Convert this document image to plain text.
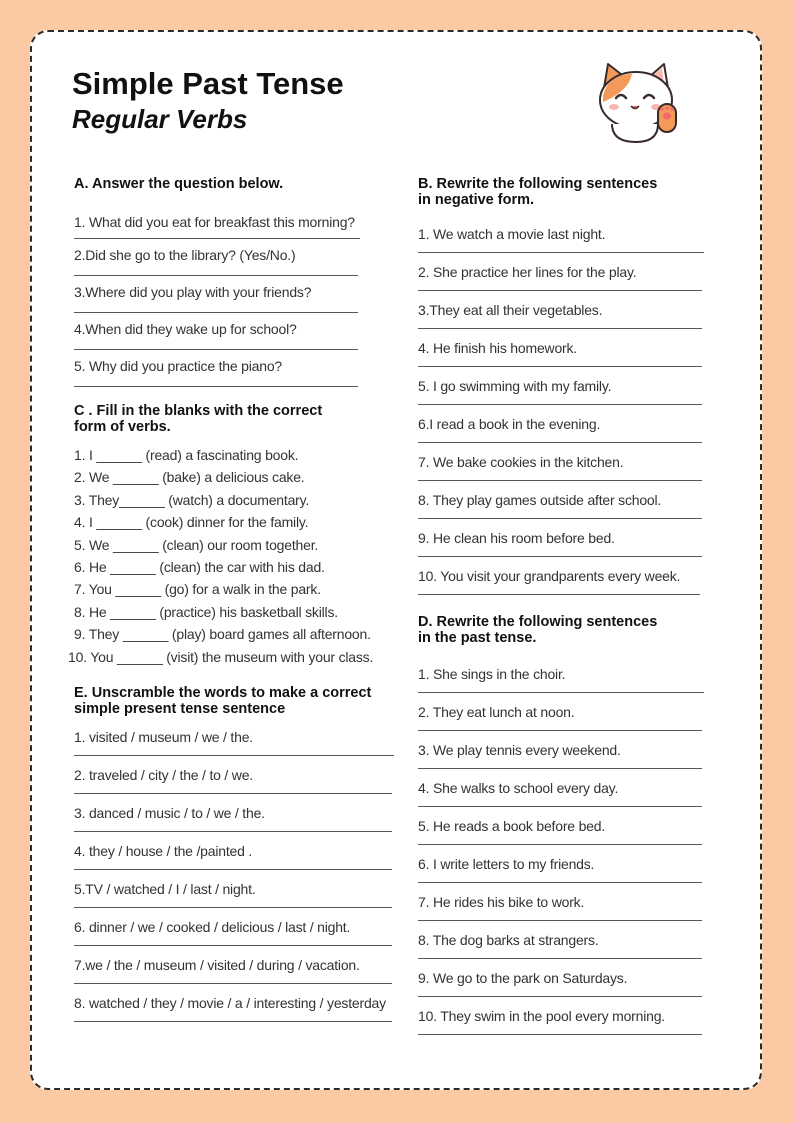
Simple Past Tense
Regular Verbs

A. Answer the question below.

1. What did you eat for breakfast this morning?
2.Did she go to the library? (Yes/No.)
3.Where did you play with your friends?
4.When did they wake up for school?
5. Why did you practice the piano?

C . Fill in the blanks with the correct

form of verbs.

1. I ______ (read) a fascinating book.
2. We ______ (bake) a delicious cake.
3. They______ (watch) a documentary.
4. I ______ (cook) dinner for the family.
5. We ______ (clean) our room together.
6. He ______ (clean) the car with his dad.
7. You ______ (go) for a walk in the park.
8. He ______ (practice) his basketball skills.
9. They ______ (play) board games all afternoon.
10. You ______ (visit) the museum with your class.

E. Unscramble the words to make a correct

simple present tense sentence

1. visited / museum / we / the.
2. traveled / city / the / to / we.
3. danced / music / to / we / the.
4. they / house / the /painted .
5.TV / watched / I / last / night.
6. dinner / we / cooked / delicious / last / night.
7.we / the / museum / visited / during / vacation.
8. watched / they / movie / a / interesting / yesterday

B. Rewrite the following sentences

in negative form.

1. We watch a movie last night.
2. She practice her lines for the play.
3.They eat all their vegetables.
4. He finish his homework.
5. I go swimming with my family.
6.I read a book in the evening.
7. We bake cookies in the kitchen.
8. They play games outside after school.
9. He clean his room before bed.
10. You visit your grandparents every week.

D. Rewrite the following sentences

in the past tense.

1. She sings in the choir.
2. They eat lunch at noon.
3. We play tennis every weekend.
4. She walks to school every day.
5. He reads a book before bed.
6. I write letters to my friends.
7. He rides his bike to work.
8. The dog barks at strangers.
9. We go to the park on Saturdays.
10. They swim in the pool every morning.
